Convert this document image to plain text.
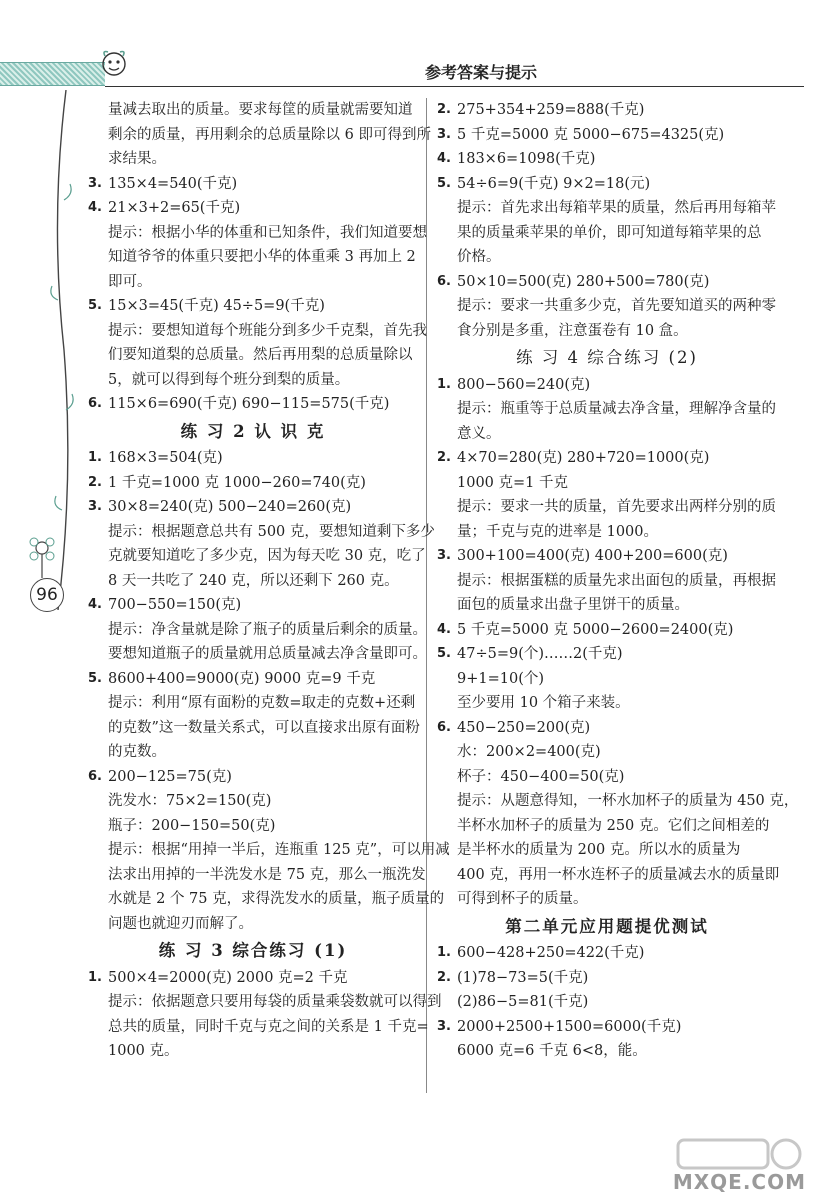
参考答案与提示
96
量减去取出的质量。要求每筐的质量就需要知道
剩余的质量，再用剩余的总质量除以 6 即可得到所
求结果。
3. 135×4=540(千克)
4. 21×3+2=65(千克)
提示：根据小华的体重和已知条件，我们知道要想
知道爷爷的体重只要把小华的体重乘 3 再加上 2
即可。
5. 15×3=45(千克) 45÷5=9(千克)
提示：要想知道每个班能分到多少千克梨，首先我
们要知道梨的总质量。然后再用梨的总质量除以
5，就可以得到每个班分到梨的质量。
6. 115×6=690(千克) 690−115=575(千克)
练 习 2 认 识 克
1. 168×3=504(克)
2. 1 千克=1000 克 1000−260=740(克)
3. 30×8=240(克) 500−240=260(克)
提示：根据题意总共有 500 克，要想知道剩下多少
克就要知道吃了多少克，因为每天吃 30 克，吃了
8 天一共吃了 240 克，所以还剩下 260 克。
4. 700−550=150(克)
提示：净含量就是除了瓶子的质量后剩余的质量。
要想知道瓶子的质量就用总质量减去净含量即可。
5. 8600+400=9000(克) 9000 克=9 千克
提示：利用“原有面粉的克数=取走的克数+还剩
的克数”这一数量关系式，可以直接求出原有面粉
的克数。
6. 200−125=75(克)
洗发水：75×2=150(克)
瓶子：200−150=50(克)
提示：根据“用掉一半后，连瓶重 125 克”，可以用减
法求出用掉的一半洗发水是 75 克，那么一瓶洗发
水就是 2 个 75 克，求得洗发水的质量，瓶子质量的
问题也就迎刃而解了。
练 习 3 综合练习 (1)
1. 500×4=2000(克) 2000 克=2 千克
提示：依据题意只要用每袋的质量乘袋数就可以得到
总共的质量，同时千克与克之间的关系是 1 千克=
1000 克。
2. 275+354+259=888(千克)
3. 5 千克=5000 克 5000−675=4325(克)
4. 183×6=1098(千克)
5. 54÷6=9(千克) 9×2=18(元)
提示：首先求出每箱苹果的质量，然后再用每箱苹
果的质量乘苹果的单价，即可知道每箱苹果的总
价格。
6. 50×10=500(克) 280+500=780(克)
提示：要求一共重多少克，首先要知道买的两种零
食分别是多重，注意蛋卷有 10 盒。
练 习 4 综合练习 (2)
1. 800−560=240(克)
提示：瓶重等于总质量减去净含量，理解净含量的
意义。
2. 4×70=280(克) 280+720=1000(克)
1000 克=1 千克
提示：要求一共的质量，首先要求出两样分别的质
量；千克与克的进率是 1000。
3. 300+100=400(克) 400+200=600(克)
提示：根据蛋糕的质量先求出面包的质量，再根据
面包的质量求出盘子里饼干的质量。
4. 5 千克=5000 克 5000−2600=2400(克)
5. 47÷5=9(个)……2(千克)
9+1=10(个)
至少要用 10 个箱子来装。
6. 450−250=200(克)
水：200×2=400(克)
杯子：450−400=50(克)
提示：从题意得知，一杯水加杯子的质量为 450 克，
半杯水加杯子的质量为 250 克。它们之间相差的
是半杯水的质量为 200 克。所以水的质量为
400 克，再用一杯水连杯子的质量减去水的质量即
可得到杯子的质量。
第二单元应用题提优测试
1. 600−428+250=422(千克)
2. (1)78−73=5(千克)
(2)86−5=81(千克)
3. 2000+2500+1500=6000(千克)
6000 克=6 千克 6<8，能。
MXQE.COM
